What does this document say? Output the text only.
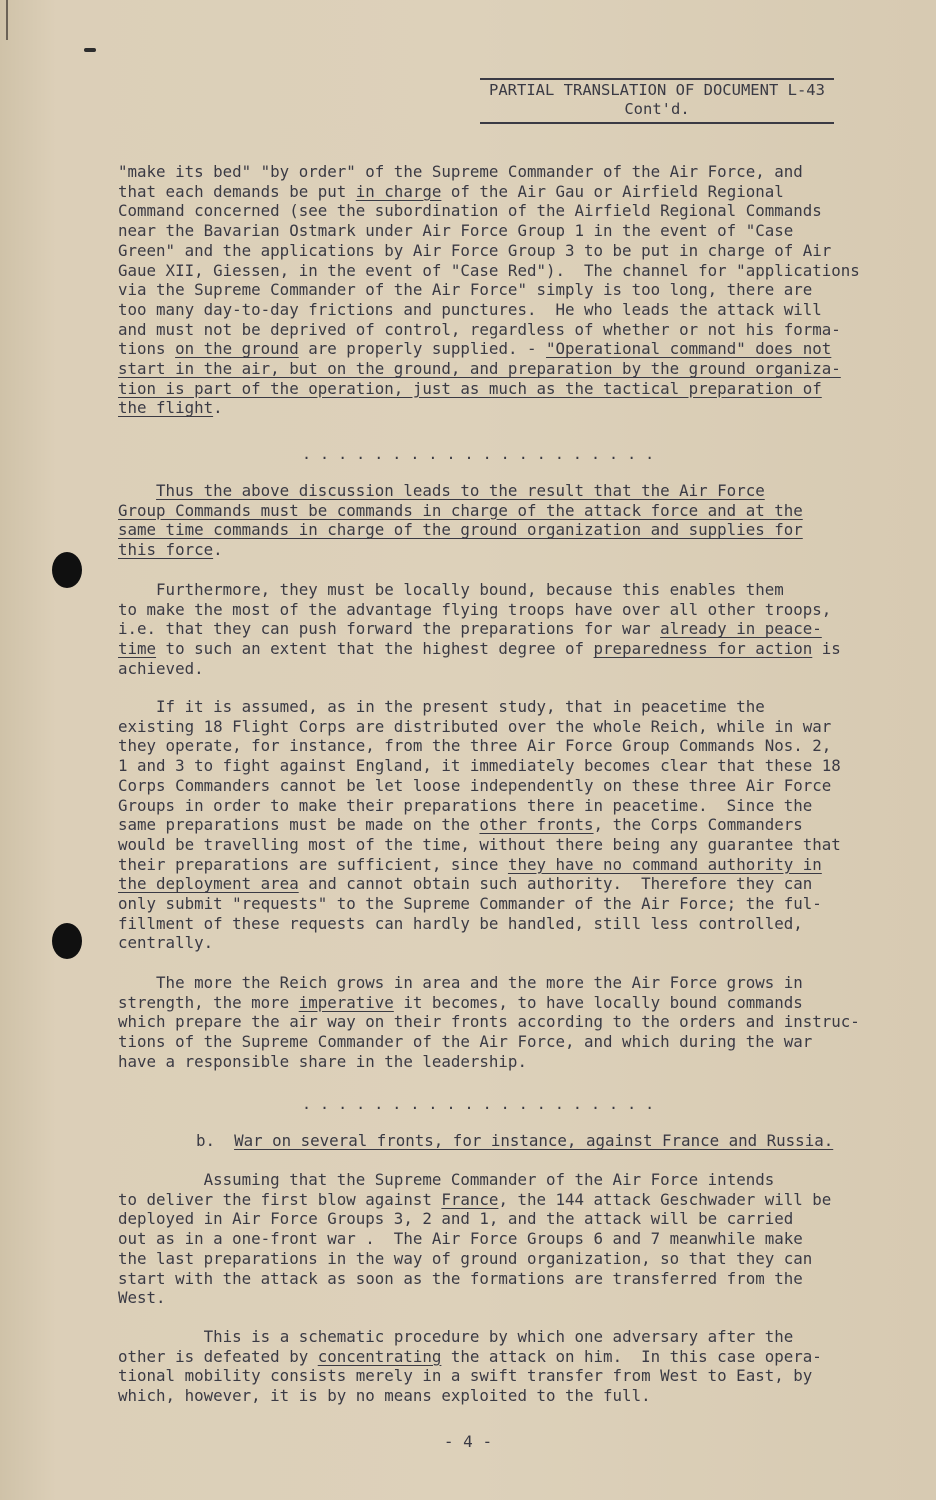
PARTIAL TRANSLATION OF DOCUMENT L-43
Cont'd.
"make its bed" "by order" of the Supreme Commander of the Air Force, and
that each demands be put in charge of the Air Gau or Airfield Regional
Command concerned (see the subordination of the Airfield Regional Commands
near the Bavarian Ostmark under Air Force Group 1 in the event of "Case
Green" and the applications by Air Force Group 3 to be put in charge of Air
Gaue XII, Giessen, in the event of "Case Red").  The channel for "applications
via the Supreme Commander of the Air Force" simply is too long, there are
too many day-to-day frictions and punctures.  He who leads the attack will
and must not be deprived of control, regardless of whether or not his forma-
tions on the ground are properly supplied. - "Operational command" does not
start in the air, but on the ground, and preparation by the ground organiza-
tion is part of the operation, just as much as the tactical preparation of
the flight.
. . . . . . . . . . . . . . . . . . . .
Thus the above discussion leads to the result that the Air Force
Group Commands must be commands in charge of the attack force and at the
same time commands in charge of the ground organization and supplies for
this force.
Furthermore, they must be locally bound, because this enables them
to make the most of the advantage flying troops have over all other troops,
i.e. that they can push forward the preparations for war already in peace-
time to such an extent that the highest degree of preparedness for action is
achieved.
If it is assumed, as in the present study, that in peacetime the
existing 18 Flight Corps are distributed over the whole Reich, while in war
they operate, for instance, from the three Air Force Group Commands Nos. 2,
1 and 3 to fight against England, it immediately becomes clear that these 18
Corps Commanders cannot be let loose independently on these three Air Force
Groups in order to make their preparations there in peacetime.  Since the
same preparations must be made on the other fronts, the Corps Commanders
would be travelling most of the time, without there being any guarantee that
their preparations are sufficient, since they have no command authority in
the deployment area and cannot obtain such authority.  Therefore they can
only submit "requests" to the Supreme Commander of the Air Force; the ful-
fillment of these requests can hardly be handled, still less controlled,
centrally.
The more the Reich grows in area and the more the Air Force grows in
strength, the more imperative it becomes, to have locally bound commands
which prepare the air way on their fronts according to the orders and instruc-
tions of the Supreme Commander of the Air Force, and which during the war
have a responsible share in the leadership.
. . . . . . . . . . . . . . . . . . . .
b. War on several fronts, for instance, against France and Russia.
Assuming that the Supreme Commander of the Air Force intends
to deliver the first blow against France, the 144 attack Geschwader will be
deployed in Air Force Groups 3, 2 and 1, and the attack will be carried
out as in a one-front war .  The Air Force Groups 6 and 7 meanwhile make
the last preparations in the way of ground organization, so that they can
start with the attack as soon as the formations are transferred from the
West.
This is a schematic procedure by which one adversary after the
other is defeated by concentrating the attack on him.  In this case opera-
tional mobility consists merely in a swift transfer from West to East, by
which, however, it is by no means exploited to the full.
- 4 -
